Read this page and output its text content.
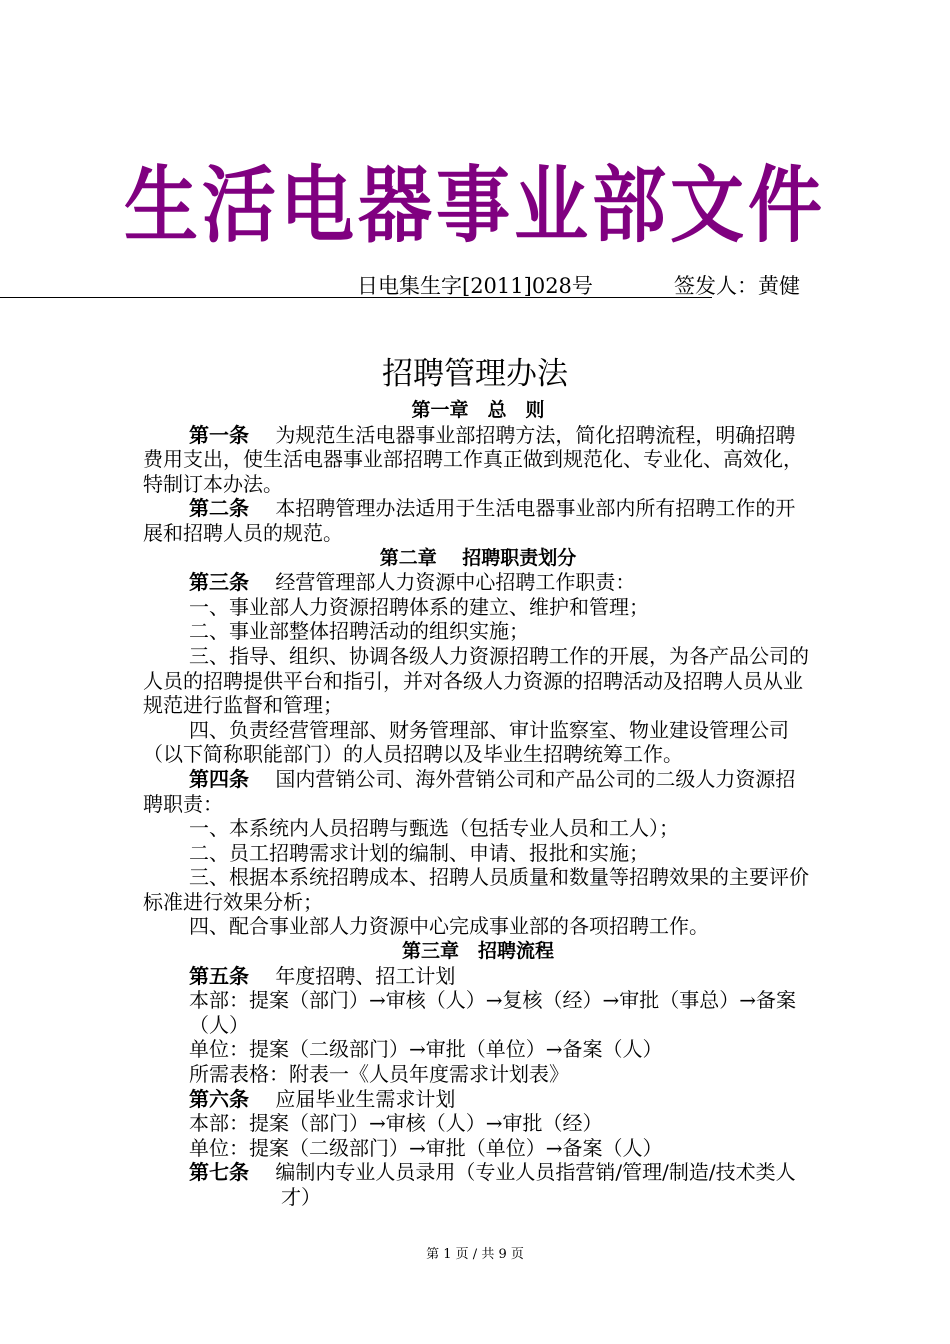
生活电器事业部文件
日电集生字[2011]028号	签发人：黄健
招聘管理办法

第一章　总　则

第一条　 为规范生活电器事业部招聘方法，简化招聘流程，明确招聘费用支出，使生活电器事业部招聘工作真正做到规范化、专业化、高效化，特制订本办法。

第二条　 本招聘管理办法适用于生活电器事业部内所有招聘工作的开展和招聘人员的规范。

第二章　 招聘职责划分

第三条　 经营管理部人力资源中心招聘工作职责：

一、事业部人力资源招聘体系的建立、维护和管理；

二、事业部整体招聘活动的组织实施；

三、指导、组织、协调各级人力资源招聘工作的开展，为各产品公司的人员的招聘提供平台和指引，并对各级人力资源的招聘活动及招聘人员从业规范进行监督和管理；

四、负责经营管理部、财务管理部、审计监察室、物业建设管理公司（以下简称职能部门）的人员招聘以及毕业生招聘统筹工作。

第四条　 国内营销公司、海外营销公司和产品公司的二级人力资源招聘职责：

一、本系统内人员招聘与甄选（包括专业人员和工人）；

二、员工招聘需求计划的编制、申请、报批和实施；

三、根据本系统招聘成本、招聘人员质量和数量等招聘效果的主要评价标准进行效果分析；

四、配合事业部人力资源中心完成事业部的各项招聘工作。

第三章　招聘流程

第五条　 年度招聘、招工计划

本部：提案（部门）→审核（人）→复核（经）→审批（事总）→备案（人）

单位：提案（二级部门）→审批（单位）→备案（人）

所需表格：附表一《人员年度需求计划表》

第六条　 应届毕业生需求计划

本部：提案（部门）→审核（人）→审批（经）

单位：提案（二级部门）→审批（单位）→备案（人）

第七条　 编制内专业人员录用（专业人员指营销/管理/制造/技术类人才）

第 1 页 / 共 9 页
